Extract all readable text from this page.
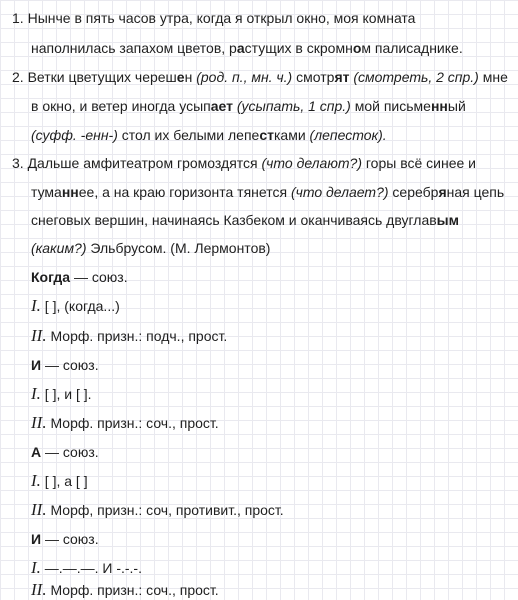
1. Нынче в пять часов утра, когда я открыл окно, моя комната
наполнилась запахом цветов, растущих в скромном палисаднике.
2. Ветки цветущих черешен (род. п., мн. ч.) смотрят (смотреть, 2 спр.) мне
в окно, и ветер иногда усыпает (усыпать, 1 спр.) мой письменный
(суфф. -енн-) стол их белыми лепестками (лепесток).
3. Дальше амфитеатром громоздятся (что делают?) горы всё синее и
туманнее, а на краю горизонта тянется (что делает?) серебряная цепь
снеговых вершин, начинаясь Казбеком и оканчиваясь двуглавым
(каким?) Эльбрусом. (М. Лермонтов)
Когда — союз.
I. [ ], (когда...)
II. Морф. призн.: подч., прост.
И — союз.
I. [ ], и [ ].
II. Морф. призн.: соч., прост.
А — союз.
I. [ ], а [ ]
II. Морф, призн.: соч, противит., прост.
И — союз.
I. —.—.—. И -.-.-.
II. Морф. призн.: соч., прост.
